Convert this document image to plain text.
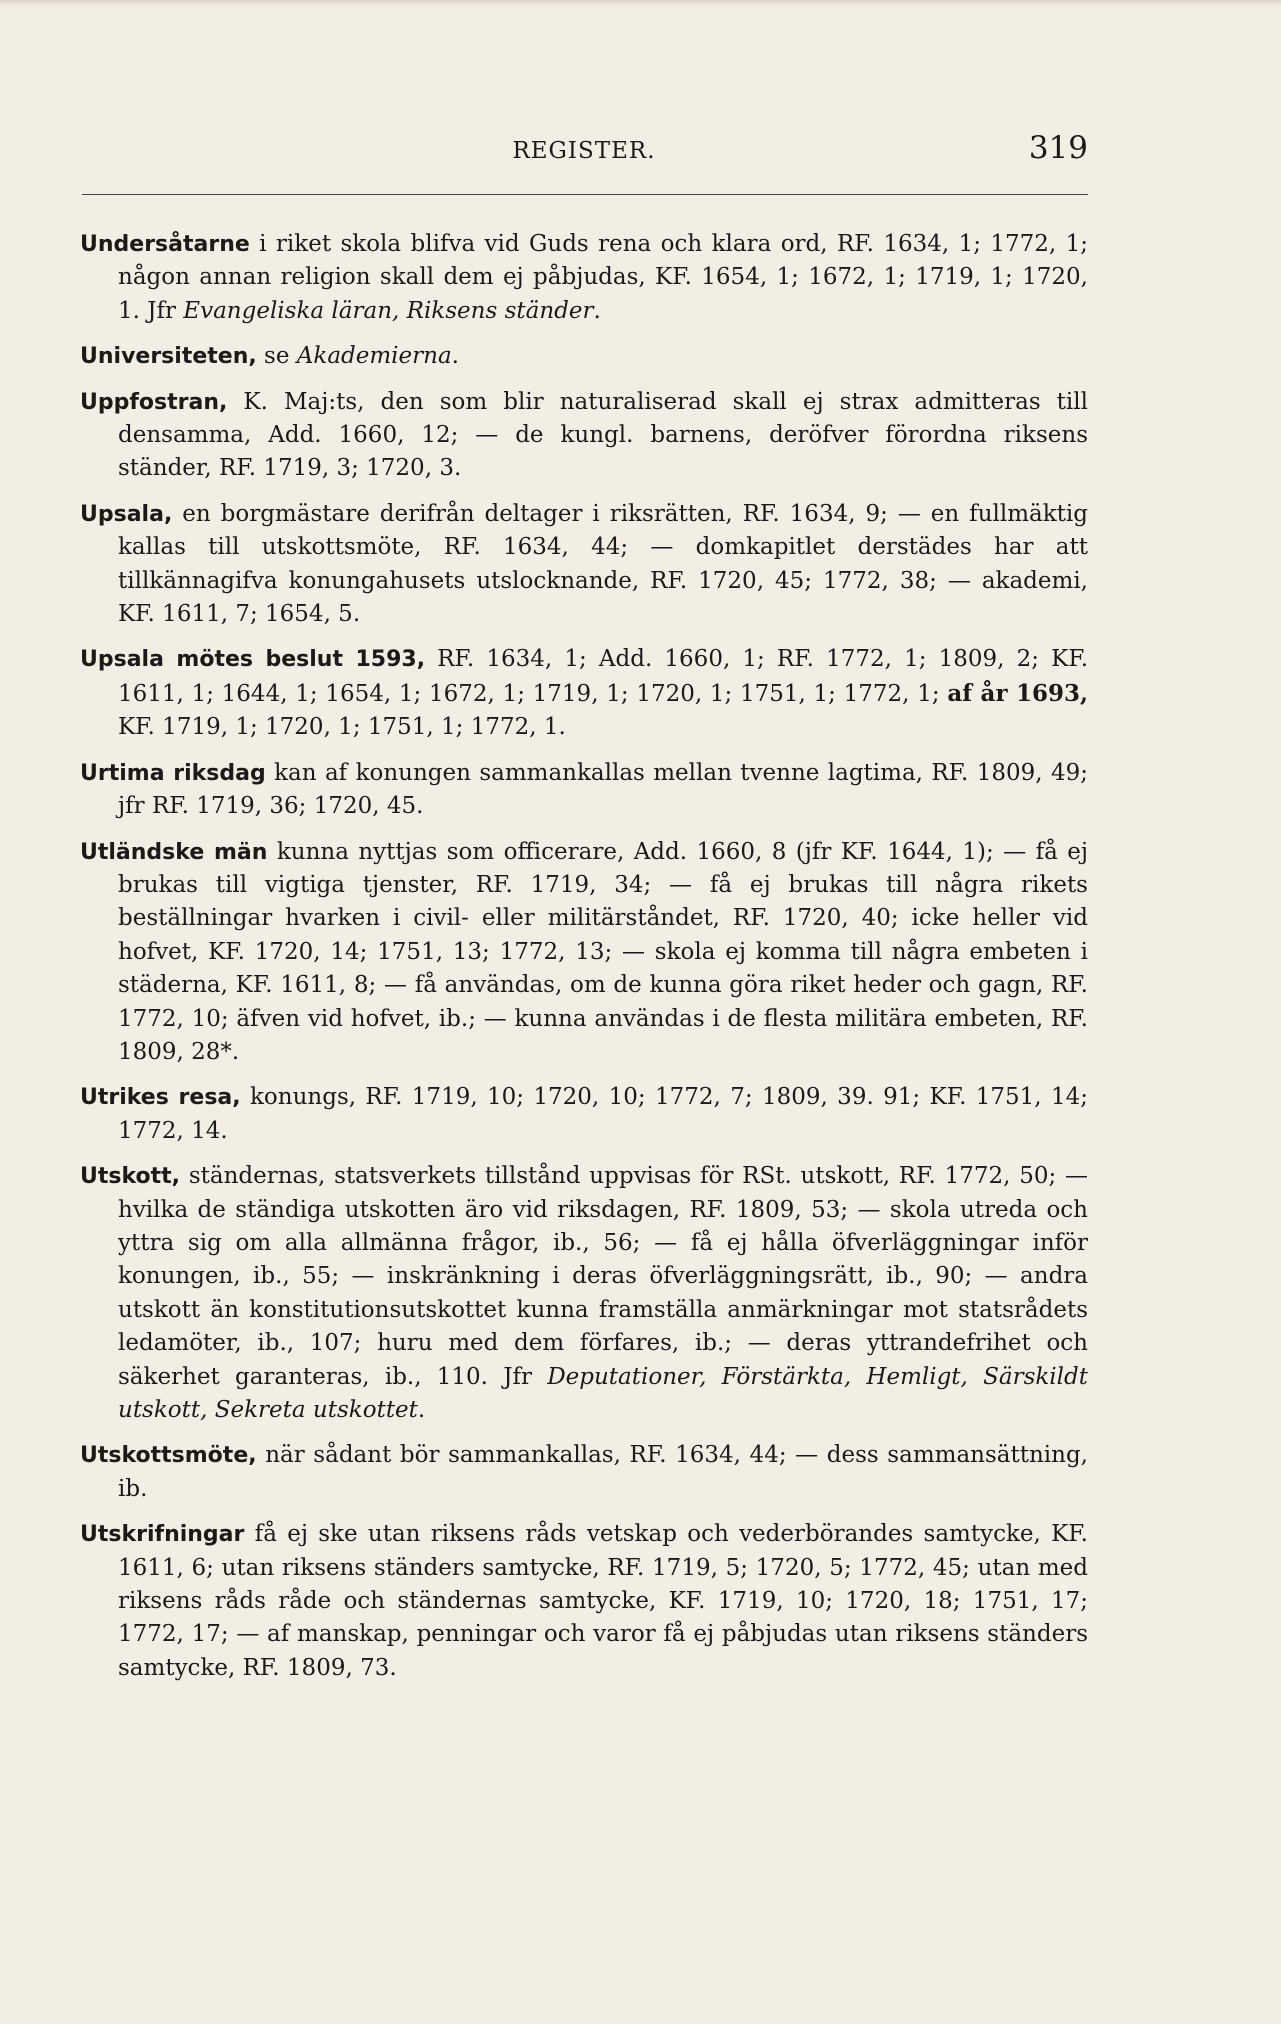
REGISTER.	319

Undersåtarne i riket skola blifva vid Guds rena och klara ord, RF. 1634, 1; 1772, 1; någon annan religion skall dem ej påbjudas, KF. 1654, 1; 1672, 1; 1719, 1; 1720, 1. Jfr Evangeliska läran, Riksens ständer.

Universiteten, se Akademierna.

Uppfostran, K. Maj:ts, den som blir naturaliserad skall ej strax admitteras till densamma, Add. 1660, 12; — de kungl. barnens, deröfver förordna riksens ständer, RF. 1719, 3; 1720, 3.

Upsala, en borgmästare derifrån deltager i riksrätten, RF. 1634, 9; — en fullmäktig kallas till utskottsmöte, RF. 1634, 44; — domkapitlet derstädes har att tillkännagifva konungahusets utslocknande, RF. 1720, 45; 1772, 38; — akademi, KF. 1611, 7; 1654, 5.

Upsala mötes beslut 1593, RF. 1634, 1; Add. 1660, 1; RF. 1772, 1; 1809, 2; KF. 1611, 1; 1644, 1; 1654, 1; 1672, 1; 1719, 1; 1720, 1; 1751, 1; 1772, 1; af år 1693, KF. 1719, 1; 1720, 1; 1751, 1; 1772, 1.

Urtima riksdag kan af konungen sammankallas mellan tvenne lagtima, RF. 1809, 49; jfr RF. 1719, 36; 1720, 45.

Utländske män kunna nyttjas som officerare, Add. 1660, 8 (jfr KF. 1644, 1); — få ej brukas till vigtiga tjenster, RF. 1719, 34; — få ej brukas till några rikets beställningar hvarken i civil- eller militärståndet, RF. 1720, 40; icke heller vid hofvet, KF. 1720, 14; 1751, 13; 1772, 13; — skola ej komma till några embeten i städerna, KF. 1611, 8; — få användas, om de kunna göra riket heder och gagn, RF. 1772, 10; äfven vid hofvet, ib.; — kunna användas i de flesta militära embeten, RF. 1809, 28*.

Utrikes resa, konungs, RF. 1719, 10; 1720, 10; 1772, 7; 1809, 39. 91; KF. 1751, 14; 1772, 14.

Utskott, ständernas, statsverkets tillstånd uppvisas för RSt. utskott, RF. 1772, 50; — hvilka de ständiga utskotten äro vid riksdagen, RF. 1809, 53; — skola utreda och yttra sig om alla allmänna frågor, ib., 56; — få ej hålla öfverläggningar inför konungen, ib., 55; — inskränkning i deras öfverläggningsrätt, ib., 90; — andra utskott än konstitutionsutskottet kunna framställa anmärkningar mot statsrådets ledamöter, ib., 107; huru med dem förfares, ib.; — deras yttrandefrihet och säkerhet garanteras, ib., 110. Jfr Deputationer, Förstärkta, Hemligt, Särskildt utskott, Sekreta utskottet.

Utskottsmöte, när sådant bör sammankallas, RF. 1634, 44; — dess sammansättning, ib.

Utskrifningar få ej ske utan riksens råds vetskap och vederbörandes samtycke, KF. 1611, 6; utan riksens ständers samtycke, RF. 1719, 5; 1720, 5; 1772, 45; utan med riksens råds råde och ständernas samtycke, KF. 1719, 10; 1720, 18; 1751, 17; 1772, 17; — af manskap, penningar och varor få ej påbjudas utan riksens ständers samtycke, RF. 1809, 73.
